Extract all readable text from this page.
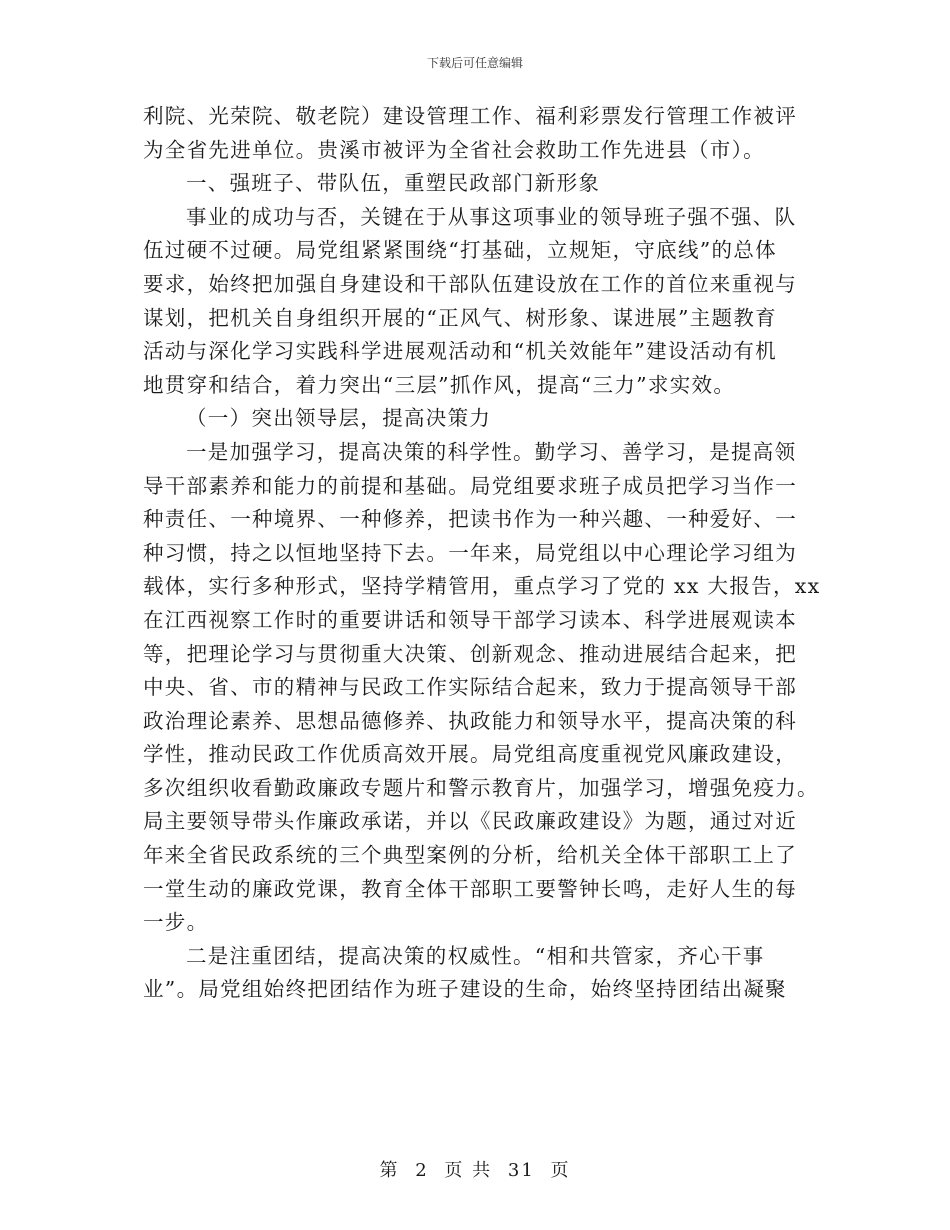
下载后可任意编辑
利院、光荣院、敬老院）建设管理工作、福利彩票发行管理工作被评
为全省先进单位。贵溪市被评为全省社会救助工作先进县（市）。
一、强班子、带队伍，重塑民政部门新形象
事业的成功与否，关键在于从事这项事业的领导班子强不强、队
伍过硬不过硬。局党组紧紧围绕“打基础，立规矩，守底线”的总体
要求，始终把加强自身建设和干部队伍建设放在工作的首位来重视与
谋划，把机关自身组织开展的“正风气、树形象、谋进展”主题教育
活动与深化学习实践科学进展观活动和“机关效能年”建设活动有机
地贯穿和结合，着力突出“三层”抓作风，提高“三力”求实效。
（一）突出领导层，提高决策力
一是加强学习，提高决策的科学性。勤学习、善学习，是提高领
导干部素养和能力的前提和基础。局党组要求班子成员把学习当作一
种责任、一种境界、一种修养，把读书作为一种兴趣、一种爱好、一
种习惯，持之以恒地坚持下去。一年来，局党组以中心理论学习组为
载体，实行多种形式，坚持学精管用，重点学习了党的 xx 大报告，xx
在江西视察工作时的重要讲话和领导干部学习读本、科学进展观读本
等，把理论学习与贯彻重大决策、创新观念、推动进展结合起来，把
中央、省、市的精神与民政工作实际结合起来，致力于提高领导干部
政治理论素养、思想品德修养、执政能力和领导水平，提高决策的科
学性，推动民政工作优质高效开展。局党组高度重视党风廉政建设，
多次组织收看勤政廉政专题片和警示教育片，加强学习，增强免疫力。
局主要领导带头作廉政承诺，并以《民政廉政建设》为题，通过对近
年来全省民政系统的三个典型案例的分析，给机关全体干部职工上了
一堂生动的廉政党课，教育全体干部职工要警钟长鸣，走好人生的每
一步。
二是注重团结，提高决策的权威性。“相和共管家，齐心干事
业”。局党组始终把团结作为班子建设的生命，始终坚持团结出凝聚
第 2 页 共 31 页
